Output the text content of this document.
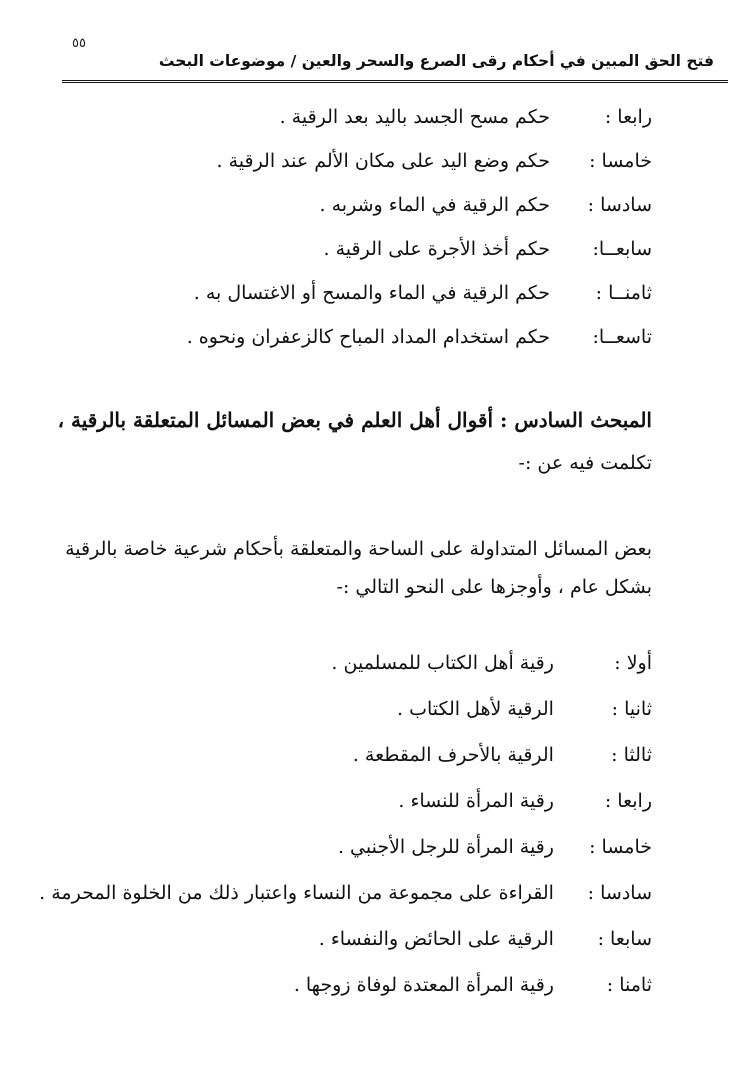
٥٥
فتح الحق المبين في أحكام رقى الصرع والسحر والعين / موضوعات البحث
رابعا : حكم مسح الجسد باليد بعد الرقية .
خامسا : حكم وضع اليد على مكان الألم عند الرقية .
سادسا : حكم الرقية في الماء وشربه .
سابعــا: حكم أخذ الأجرة على الرقية .
ثامنــا : حكم الرقية في الماء والمسح أو الاغتسال به .
تاسعــا: حكم استخدام المداد المباح كالزعفران ونحوه .
المبحث السادس : أقوال أهل العلم في بعض المسائل المتعلقة بالرقية ،
تكلمت فيه عن :-
بعض المسائل المتداولة على الساحة والمتعلقة بأحكام شرعية خاصة بالرقية
بشكل عام ، وأوجزها على النحو التالي :-
أولا : رقية أهل الكتاب للمسلمين .
ثانيا : الرقية لأهل الكتاب .
ثالثا : الرقية بالأحرف المقطعة .
رابعا : رقية المرأة للنساء .
خامسا : رقية المرأة للرجل الأجنبي .
سادسا : القراءة على مجموعة من النساء واعتبار ذلك من الخلوة المحرمة .
سابعا : الرقية على الحائض والنفساء .
ثامنا : رقية المرأة المعتدة لوفاة زوجها .
